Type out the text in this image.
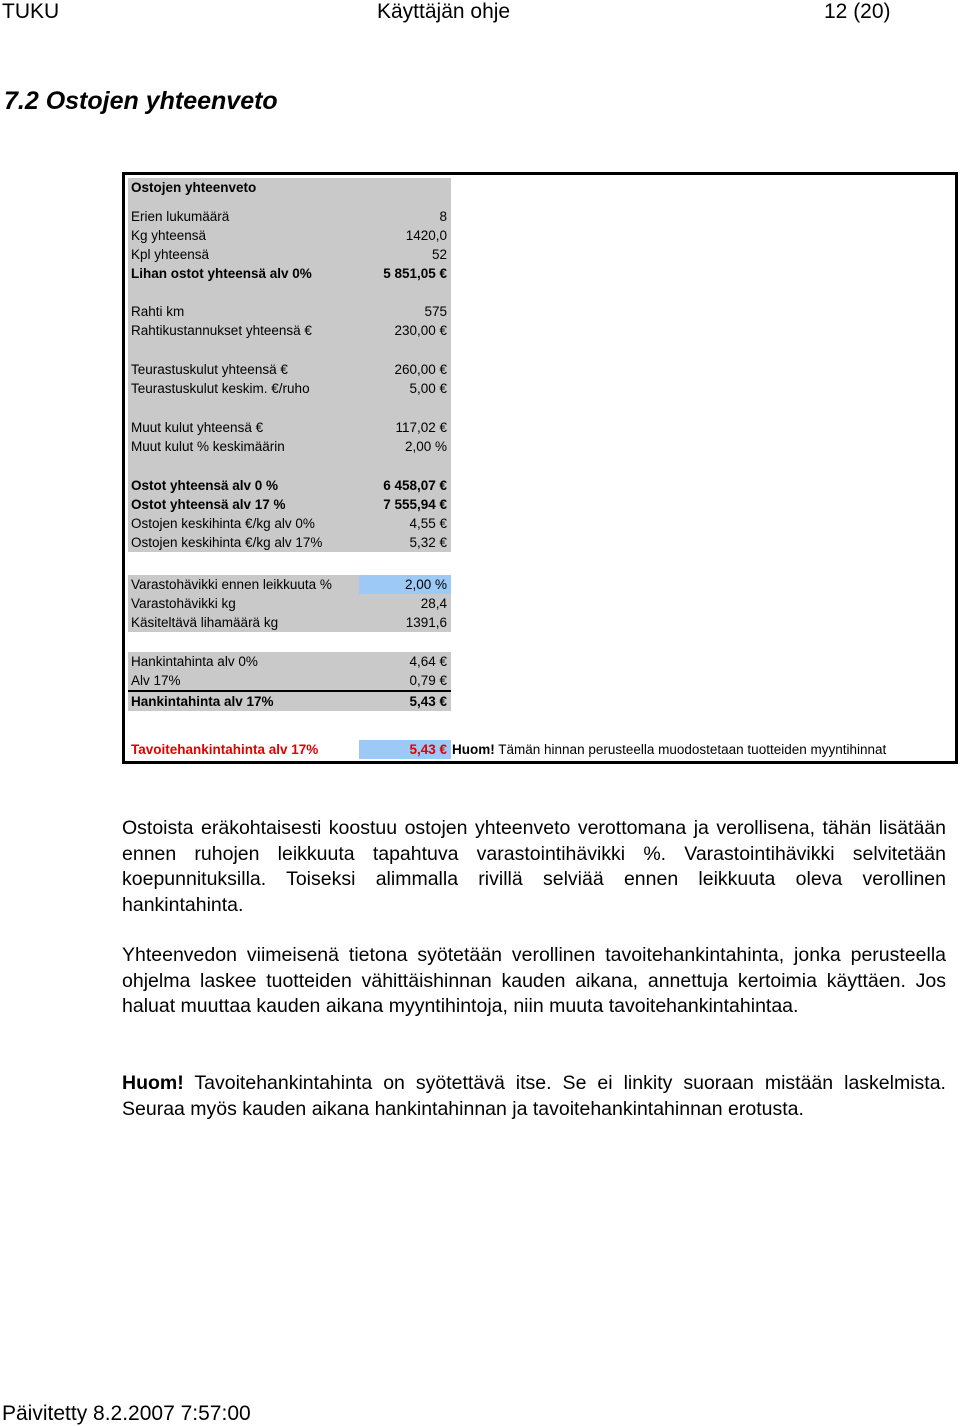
TUKU	Käyttäjän ohje	12 (20)
7.2 Ostojen yhteenveto
Ostojen yhteenveto
Erien lukumäärä	8
Kg yhteensä	1420,0
Kpl yhteensä	52
Lihan ostot yhteensä alv 0%	5 851,05 €
Rahti km	575
Rahtikustannukset yhteensä €	230,00 €
Teurastuskulut yhteensä €	260,00 €
Teurastuskulut keskim. €/ruho	5,00 €
Muut kulut yhteensä €	117,02 €
Muut kulut % keskimäärin	2,00 %
Ostot yhteensä alv 0 %	6 458,07 €
Ostot yhteensä alv 17 %	7 555,94 €
Ostojen keskihinta €/kg alv 0%	4,55 €
Ostojen keskihinta €/kg alv 17%	5,32 €
Varastohävikki ennen leikkuuta %	2,00 %
Varastohävikki kg	28,4
Käsiteltävä lihamäärä kg	1391,6
Hankintahinta alv 0%	4,64 €
Alv 17%	0,79 €
Hankintahinta alv 17%	5,43 €
Tavoitehankintahinta alv 17%	5,43 € Huom! Tämän hinnan perusteella muodostetaan tuotteiden myyntihinnat

Ostoista eräkohtaisesti koostuu ostojen yhteenveto verottomana ja verollisena, tähän lisätään ennen ruhojen leikkuuta tapahtuva varastointihävikki %. Varastointihävikki selvitetään koepunnituksilla. Toiseksi alimmalla rivillä selviää ennen leikkuuta oleva verollinen hankintahinta.

Yhteenvedon viimeisenä tietona syötetään verollinen tavoitehankintahinta, jonka perusteella ohjelma laskee tuotteiden vähittäishinnan kauden aikana, annettuja kertoimia käyttäen. Jos haluat muuttaa kauden aikana myyntihintoja, niin muuta tavoitehankintahintaa.

Huom! Tavoitehankintahinta on syötettävä itse. Se ei linkity suoraan mistään laskelmista. Seuraa myös kauden aikana hankintahinnan ja tavoitehankintahinnan erotusta.

Päivitetty 8.2.2007 7:57:00
